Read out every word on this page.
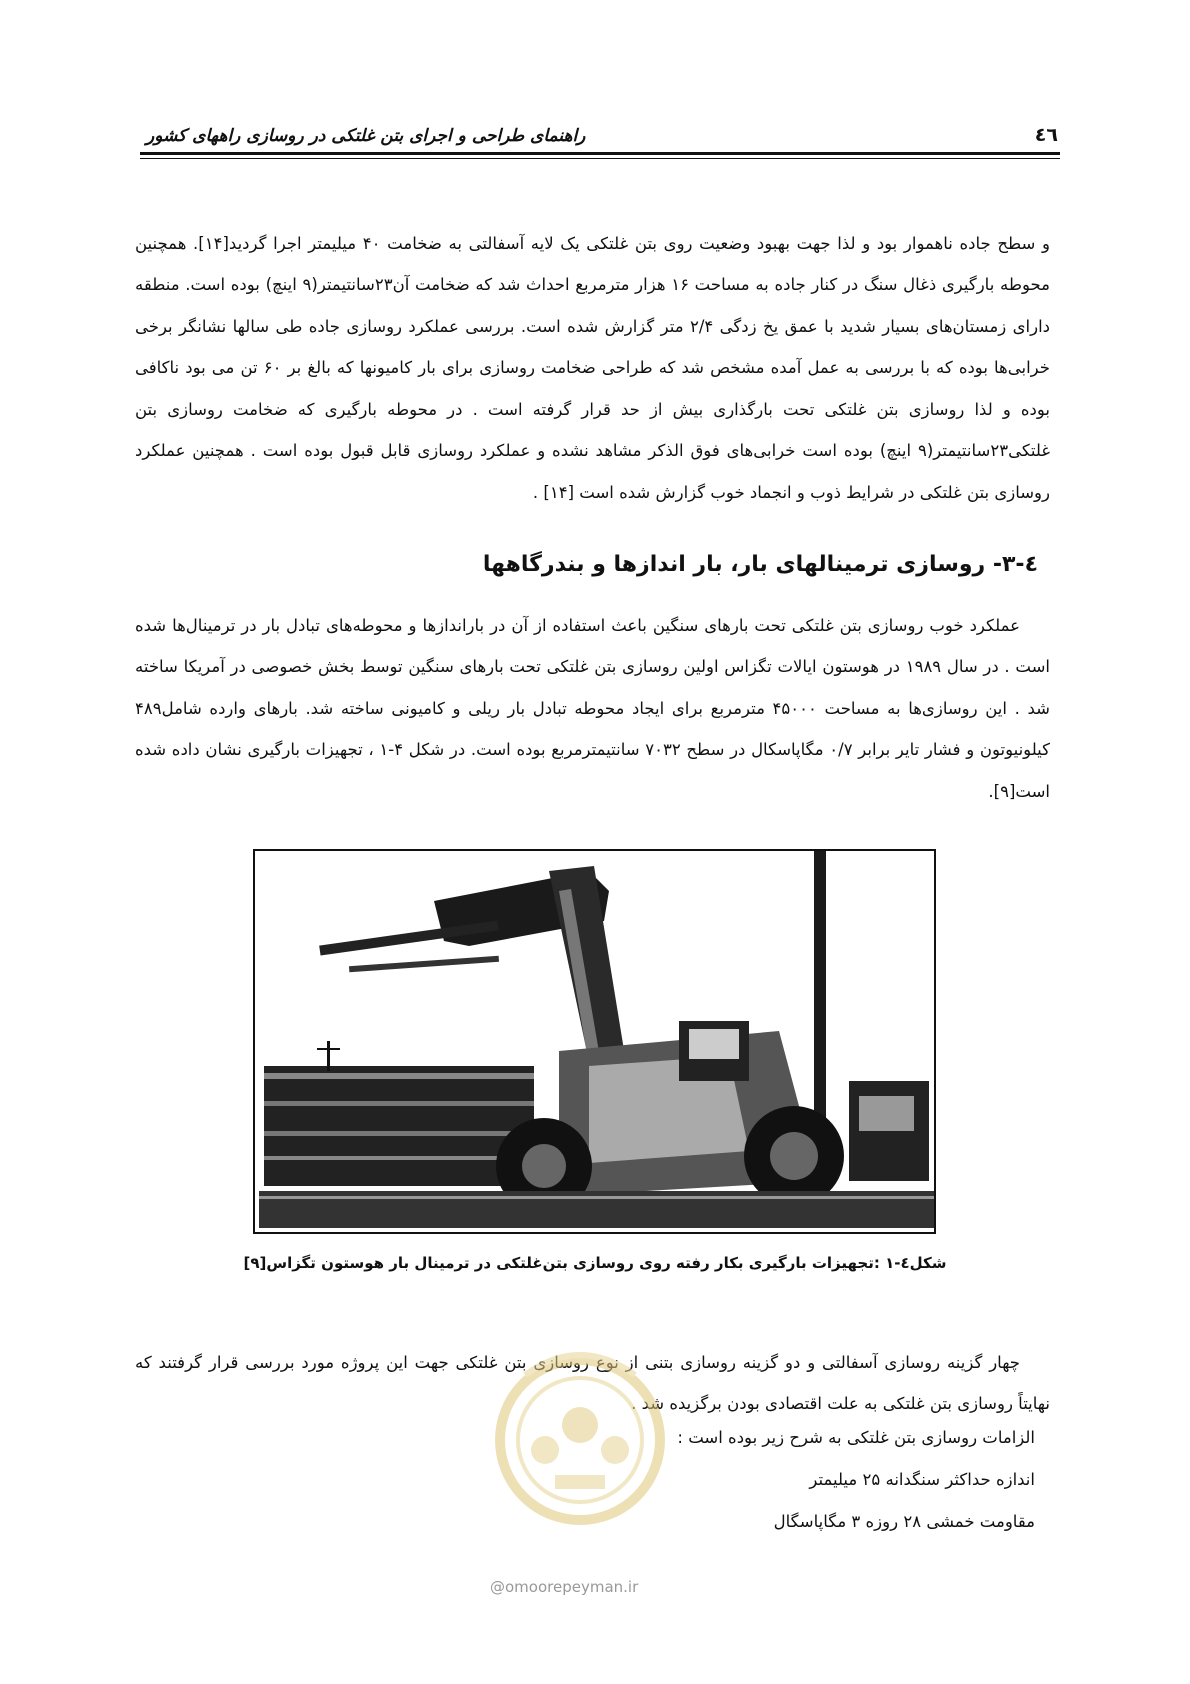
٤٦
راهنمای طراحی و اجرای بتن غلتکی در روسازی راههای کشور

و سطح جاده ناهموار بود و لذا جهت بهبود وضعیت روی بتن غلتکی یک لایه آسفالتی به ضخامت ۴۰ میلیمتر اجرا گردید[۱۴]. همچنین محوطه بارگیری ذغال سنگ در کنار جاده به مساحت ۱۶ هزار مترمربع احداث شد که ضخامت آن۲۳سانتیمتر(۹ اینچ) بوده است. منطقه دارای زمستان‌های بسیار شدید با عمق یخ زدگی ۲/۴ متر گزارش شده است. بررسی عملکرد روسازی جاده طی سالها نشانگر برخی خرابی‌ها بوده که با بررسی به عمل آمده مشخص شد که طراحی ضخامت روسازی برای بار کامیونها که بالغ بر ۶۰ تن می بود ناکافی بوده و لذا روسازی بتن غلتکی تحت بارگذاری بیش از حد قرار گرفته است . در محوطه بارگیری که ضخامت روسازی بتن غلتکی۲۳سانتیمتر(۹ اینچ) بوده است خرابی‌های فوق الذکر مشاهد نشده و عملکرد روسازی قابل قبول بوده است . همچنین عملکرد روسازی بتن غلتکی در شرایط ذوب و انجماد خوب گزارش شده است [۱۴] .

٤-۳- روسازی ترمینالهای بار، بار اندازها و بندرگاهها

عملکرد خوب روسازی بتن غلتکی تحت بارهای سنگین باعث استفاده از آن در باراندازها و محوطه‌های تبادل بار در ترمینال‌ها شده است . در سال ۱۹۸۹ در هوستون ایالات تگزاس اولین روسازی بتن غلتکی تحت بارهای سنگین توسط بخش خصوصی در آمریکا ساخته شد . این روسازی‌ها به مساحت ۴۵۰۰۰ مترمربع برای ایجاد محوطه تبادل بار ریلی و کامیونی ساخته شد. بارهای وارده شامل۴۸۹ کیلونیوتون و فشار تایر برابر ۰/۷ مگاپاسکال در سطح ۷۰۳۲ سانتیمترمربع بوده است. در شکل ۴-۱ ، تجهیزات بارگیری نشان داده شده است[۹].

شکل٤-۱ :تجهیزات بارگیری بکار رفته روی روسازی بتن‌غلتکی در ترمینال بار هوستون تگزاس[۹]

چهار گزینه روسازی آسفالتی و دو گزینه روسازی بتنی از نوع روسازی بتن غلتکی جهت این پروژه مورد بررسی قرار گرفتند که نهایتاً روسازی بتن غلتکی به علت اقتصادی بودن برگزیده شد .

الزامات روسازی بتن غلتکی به شرح زیر بوده است :
اندازه حداکثر سنگدانه ۲۵ میلیمتر
مقاومت خمشی ۲۸ روزه ۳ مگاپاسگال
@omoorepeyman.ir
